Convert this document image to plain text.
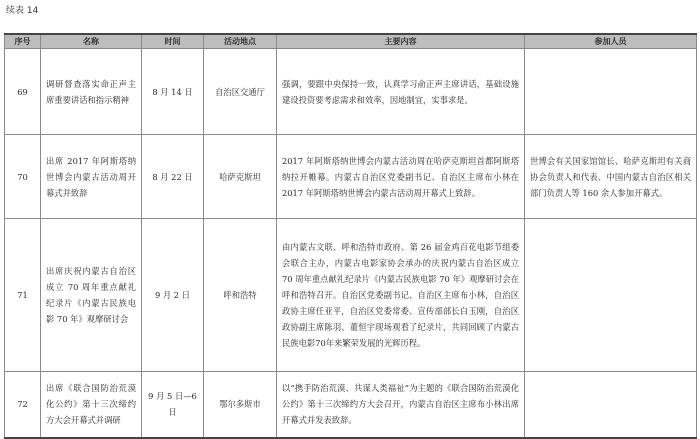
续表 14
序号	名称	时间	活动地点	主要内容	参加人员
69	调研督查落实命正声主席重要讲话和指示精神	8 月 14 日	自治区交通厅	强调，要跟中央保持一致，认真学习俞正声主席讲话，基础设施建设投资要考虑需求和效率，因地制宜，实事求是。	
70	出席 2017 年阿斯塔纳世博会内蒙古活动周开幕式并致辞	8 月 22 日	哈萨克斯坦	2017 年阿斯塔纳世博会内蒙古活动周在哈萨克斯坦首都阿斯塔纳拉开帷幕。内蒙古自治区党委副书记、自治区主席布小林在 2017 年阿斯塔纳世博会内蒙古活动周开幕式上致辞。	世博会有关国家馆馆长、哈萨克斯坦有关商协会负责人和代表、中国内蒙古自治区相关部门负责人等 160 余人参加开幕式。
71	出席庆祝内蒙古自治区成立 70 周年重点献礼纪录片《内蒙古民族电影 70 年》观摩研讨会	9 月 2 日	呼和浩特	由内蒙古文联、呼和浩特市政府、第 26 届金鸡百花电影节组委会联合主办，内蒙古电影家协会承办的庆祝内蒙古自治区成立 70 周年重点献礼纪录片《内蒙古民族电影 70 年》观摩研讨会在呼和浩特召开。自治区党委副书记、自治区主席布小林，自治区政协主席任亚平，自治区党委常委、宣传部部长白玉刚，自治区政协副主席陈羽、董恒宇现场观看了纪录片，共同回顾了内蒙古民族电影70年来繁荣发展的光辉历程。	
72	出席《联合国防治荒漠化公约》第十三次缔约方大会开幕式并调研	9 月 5 日—6 日	鄂尔多斯市	以“携手防治荒漠、共谋人类福祉”为主题的《联合国防治荒漠化公约》第十三次缔约方大会召开，内蒙古自治区主席布小林出席开幕式并发表致辞。	
